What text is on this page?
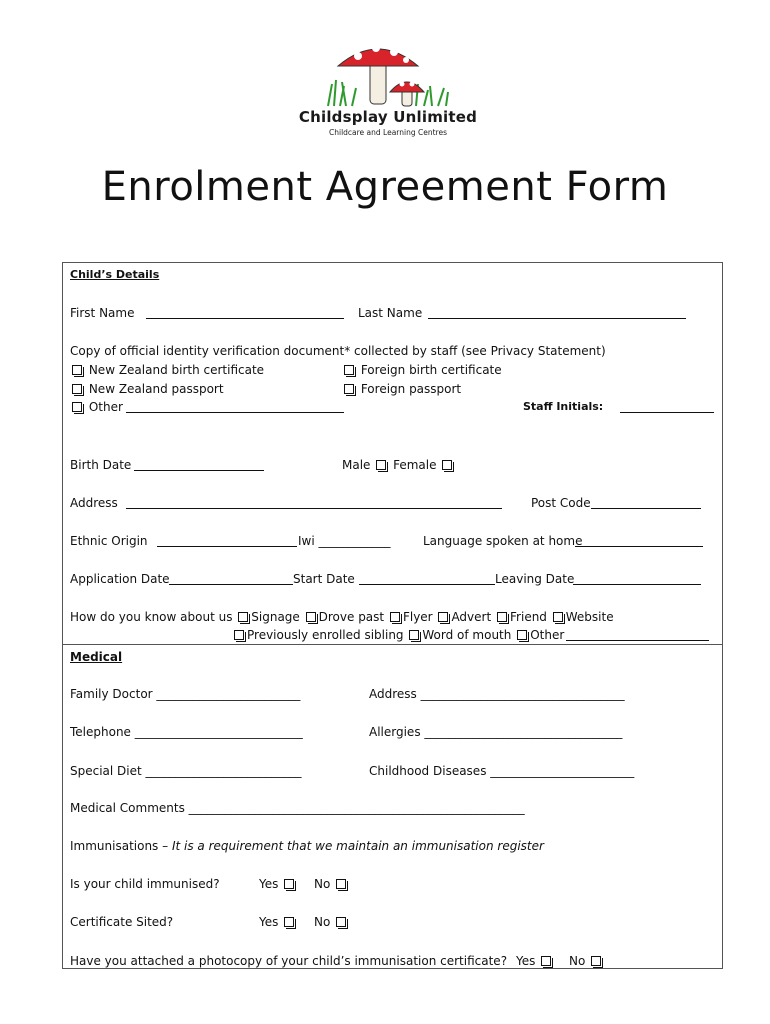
Childsplay Unlimited
Childcare and Learning Centres
Enrolment Agreement Form
Child’s Details
First Name	Last Name
Copy of official identity verification document* collected by staff (see Privacy Statement)
New Zealand birth certificate	Foreign birth certificate
New Zealand passport	Foreign passport
Other	Staff Initials:
Birth Date	Male Female
Address	Post Code
Ethnic Origin	Iwi ____________	Language spoken at home
Application Date	Start Date	Leaving Date
How do you know about us Signage Drove past Flyer Advert Friend Website
Previously enrolled sibling Word of mouth Other
Medical
Family Doctor ________________________	Address __________________________________
Telephone ____________________________	Allergies _________________________________
Special Diet __________________________	Childhood Diseases ________________________
Medical Comments ________________________________________________________
Immunisations – It is a requirement that we maintain an immunisation register
Is your child immunised?	Yes	No
Certificate Sited?	Yes	No
Have you attached a photocopy of your child’s immunisation certificate? Yes	No
